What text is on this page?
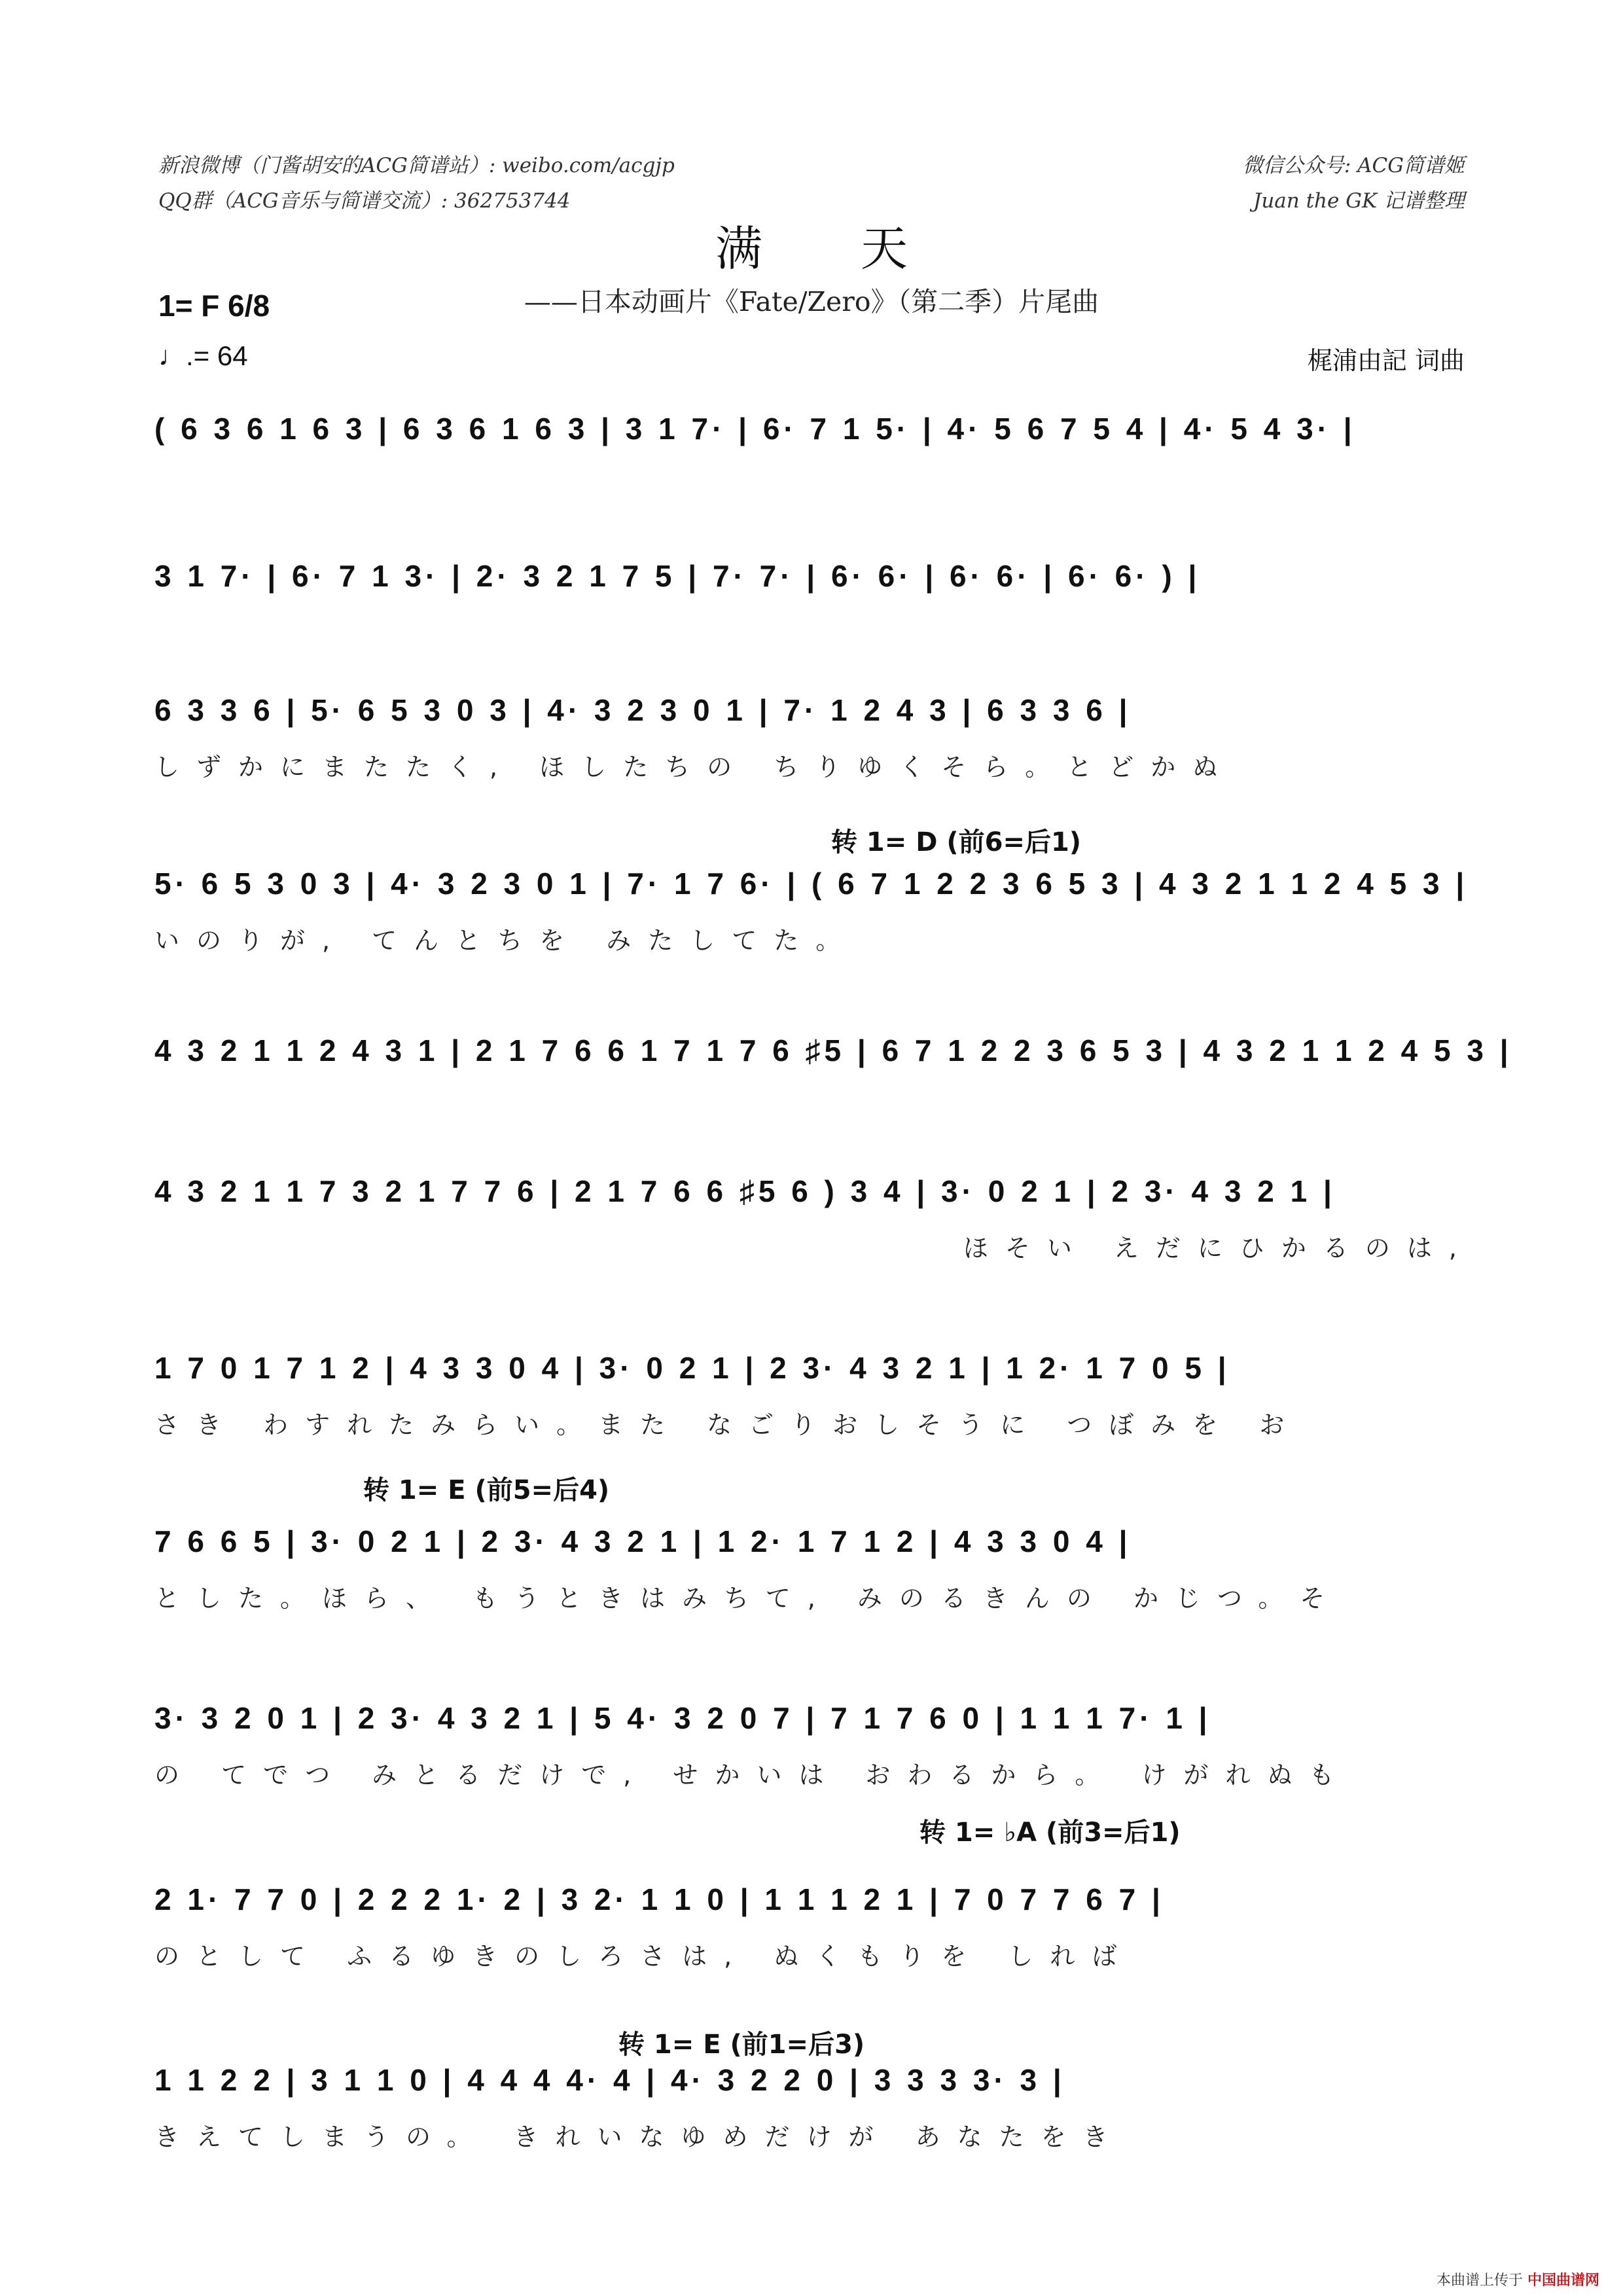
新浪微博（门酱胡安的ACG简谱站）: weibo.com/acgjp
QQ群（ACG音乐与简谱交流）: 362753744
微信公众号: ACG简谱姬
Juan the GK 记谱整理
满天
——日本动画片《Fate/Zero》（第二季）片尾曲
1= F 6/8
♩.= 64	梶浦由記 词曲
转 1= D (前6=后1)
转 1= E (前5=后4)
转 1= ♭A (前3=后1)
转 1= E (前1=后3)
( 6 3 6 1 6 3 | 6 3 6 1 6 3 | 3 1 7· | 6· 7 1 5· | 4· 5 6 7 5 4 | 4· 5 4 3· |
3 1 7· | 6· 7 1 3· | 2· 3 2 1 7 5 | 7· 7· | 6· 6· | 6· 6· | 6· 6· ) |
6 3 3 6 | 5· 6 5 3 0 3 | 4· 3 2 3 0 1 | 7· 1 2 4 3 | 6 3 3 6 |
しずかにまたたく, ほしたちの ちりゆくそら。とどかぬ
5· 6 5 3 0 3 | 4· 3 2 3 0 1 | 7· 1 7 6· | ( 6 7 1 2 2 3 6 5 3 | 4 3 2 1 1 2 4 5 3 |
いのりが, てんとちを みたしてた。
4 3 2 1 1 2 4 3 1 | 2 1 7 6 6 1 7 1 7 6 ♯5 | 6 7 1 2 2 3 6 5 3 | 4 3 2 1 1 2 4 5 3 |
4 3 2 1 1 7 3 2 1 7 7 6 | 2 1 7 6 6 ♯5 6 ) 3 4 | 3· 0 2 1 | 2 3· 4 3 2 1 |
ほそい えだにひかるのは,
1 7 0 1 7 1 2 | 4 3 3 0 4 | 3· 0 2 1 | 2 3· 4 3 2 1 | 1 2· 1 7 0 5 |
さき わすれたみらい。また なごりおしそうに つぼみを お
7 6 6 5 | 3· 0 2 1 | 2 3· 4 3 2 1 | 1 2· 1 7 1 2 | 4 3 3 0 4 |
とした。ほら、 もうときはみちて, みのるきんの かじつ。そ
3· 3 2 0 1 | 2 3· 4 3 2 1 | 5 4· 3 2 0 7 | 7 1 7 6 0 | 1 1 1 7· 1 |
の てでつ みとるだけで, せかいは おわるから。 けがれぬも
2 1· 7 7 0 | 2 2 2 1· 2 | 3 2· 1 1 0 | 1 1 1 2 1 | 7 0 7 7 6 7 |
のとして ふるゆきのしろさは, ぬくもりを しれば
1 1 2 2 | 3 1 1 0 | 4 4 4 4· 4 | 4· 3 2 2 0 | 3 3 3 3· 3 |
きえてしまうの。 きれいなゆめだけが あなたをき
本曲谱上传于 中国曲谱网
